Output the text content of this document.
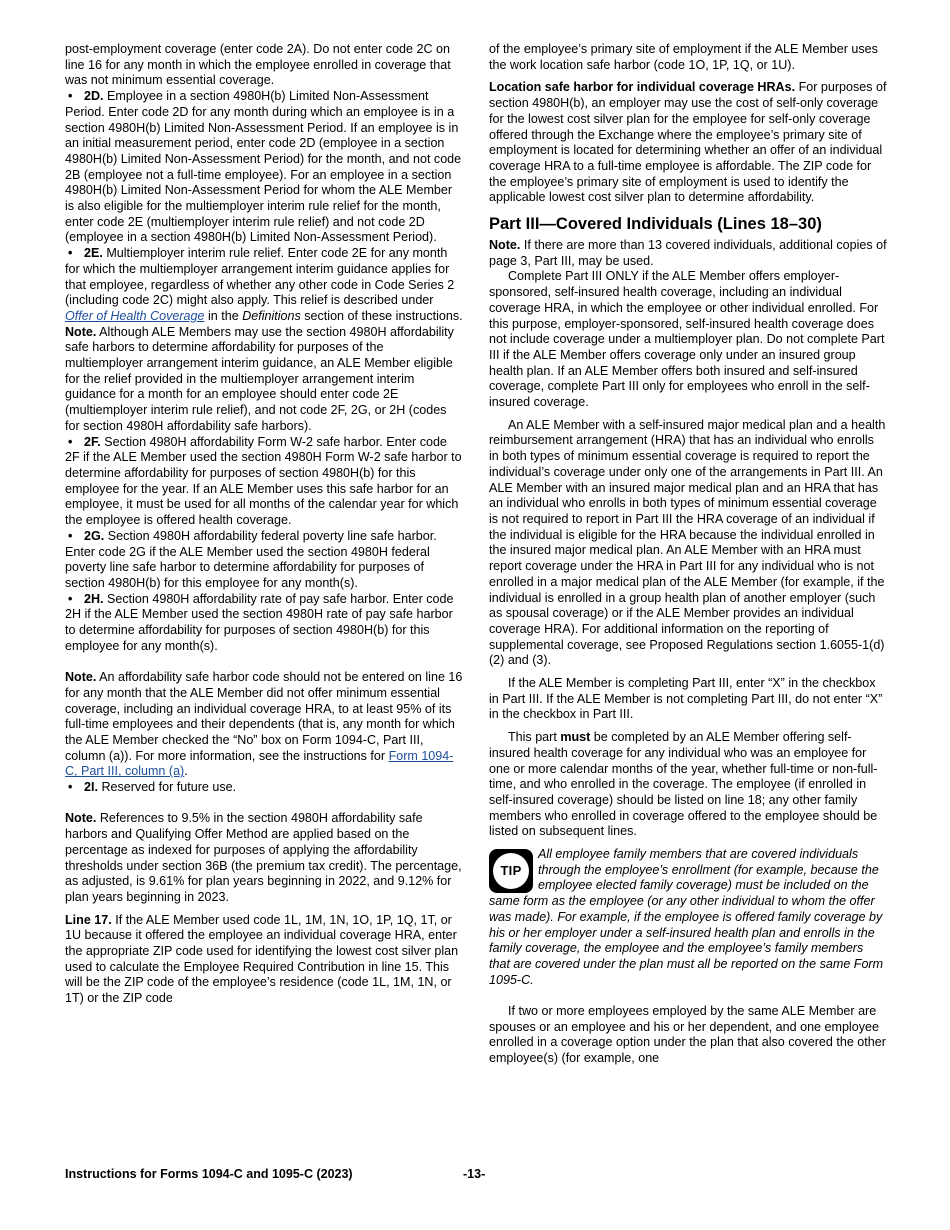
post-employment coverage (enter code 2A). Do not enter code 2C on line 16 for any month in which the employee enrolled in coverage that was not minimum essential coverage.

• 2D. Employee in a section 4980H(b) Limited Non-Assessment Period. Enter code 2D for any month during which an employee is in a section 4980H(b) Limited Non-Assessment Period. If an employee is in an initial measurement period, enter code 2D (employee in a section 4980H(b) Limited Non-Assessment Period) for the month, and not code 2B (employee not a full-time employee). For an employee in a section 4980H(b) Limited Non-Assessment Period for whom the ALE Member is also eligible for the multiemployer interim rule relief for the month, enter code 2E (multiemployer interim rule relief) and not code 2D (employee in a section 4980H(b) Limited Non-Assessment Period).

• 2E. Multiemployer interim rule relief. Enter code 2E for any month for which the multiemployer arrangement interim guidance applies for that employee, regardless of whether any other code in Code Series 2 (including code 2C) might also apply. This relief is described under Offer of Health Coverage in the Definitions section of these instructions.

Note. Although ALE Members may use the section 4980H affordability safe harbors to determine affordability for purposes of the multiemployer arrangement interim guidance, an ALE Member eligible for the relief provided in the multiemployer arrangement interim guidance for a month for an employee should enter code 2E (multiemployer interim rule relief), and not code 2F, 2G, or 2H (codes for section 4980H affordability safe harbors).

• 2F. Section 4980H affordability Form W-2 safe harbor. Enter code 2F if the ALE Member used the section 4980H Form W-2 safe harbor to determine affordability for purposes of section 4980H(b) for this employee for the year. If an ALE Member uses this safe harbor for an employee, it must be used for all months of the calendar year for which the employee is offered health coverage.

• 2G. Section 4980H affordability federal poverty line safe harbor. Enter code 2G if the ALE Member used the section 4980H federal poverty line safe harbor to determine affordability for purposes of section 4980H(b) for this employee for any month(s).

• 2H. Section 4980H affordability rate of pay safe harbor. Enter code 2H if the ALE Member used the section 4980H rate of pay safe harbor to determine affordability for purposes of section 4980H(b) for this employee for any month(s).

Note. An affordability safe harbor code should not be entered on line 16 for any month that the ALE Member did not offer minimum essential coverage, including an individual coverage HRA, to at least 95% of its full-time employees and their dependents (that is, any month for which the ALE Member checked the “No” box on Form 1094-C, Part III, column (a)). For more information, see the instructions for Form 1094-C, Part III, column (a).

• 2I. Reserved for future use.

Note. References to 9.5% in the section 4980H affordability safe harbors and Qualifying Offer Method are applied based on the percentage as indexed for purposes of applying the affordability thresholds under section 36B (the premium tax credit). The percentage, as adjusted, is 9.61% for plan years beginning in 2022, and 9.12% for plan years beginning in 2023.

Line 17. If the ALE Member used code 1L, 1M, 1N, 1O, 1P, 1Q, 1T, or 1U because it offered the employee an individual coverage HRA, enter the appropriate ZIP code used for identifying the lowest cost silver plan used to calculate the Employee Required Contribution in line 15. This will be the ZIP code of the employee’s residence (code 1L, 1M, 1N, or 1T) or the ZIP code

of the employee’s primary site of employment if the ALE Member uses the work location safe harbor (code 1O, 1P, 1Q, or 1U).

Location safe harbor for individual coverage HRAs. For purposes of section 4980H(b), an employer may use the cost of self-only coverage for the lowest cost silver plan for the employee for self-only coverage offered through the Exchange where the employee’s primary site of employment is located for determining whether an offer of an individual coverage HRA to a full-time employee is affordable. The ZIP code for the employee’s primary site of employment is used to identify the applicable lowest cost silver plan to determine affordability.

Part III—Covered Individuals (Lines 18–30)

Note. If there are more than 13 covered individuals, additional copies of page 3, Part III, may be used.

Complete Part III ONLY if the ALE Member offers employer-sponsored, self-insured health coverage, including an individual coverage HRA, in which the employee or other individual enrolled. For this purpose, employer-sponsored, self-insured health coverage does not include coverage under a multiemployer plan. Do not complete Part III if the ALE Member offers coverage only under an insured group health plan. If an ALE Member offers both insured and self-insured coverage, complete Part III only for employees who enroll in the self-insured coverage.

An ALE Member with a self-insured major medical plan and a health reimbursement arrangement (HRA) that has an individual who enrolls in both types of minimum essential coverage is required to report the individual’s coverage under only one of the arrangements in Part III. An ALE Member with an insured major medical plan and an HRA that has an individual who enrolls in both types of minimum essential coverage is not required to report in Part III the HRA coverage of an individual if the individual is eligible for the HRA because the individual enrolled in the insured major medical plan. An ALE Member with an HRA must report coverage under the HRA in Part III for any individual who is not enrolled in a major medical plan of the ALE Member (for example, if the individual is enrolled in a group health plan of another employer (such as spousal coverage) or if the ALE Member provides an individual coverage HRA). For additional information on the reporting of supplemental coverage, see Proposed Regulations section 1.6055-1(d)(2) and (3).

If the ALE Member is completing Part III, enter “X” in the checkbox in Part III. If the ALE Member is not completing Part III, do not enter “X” in the checkbox in Part III.

This part must be completed by an ALE Member offering self-insured health coverage for any individual who was an employee for one or more calendar months of the year, whether full-time or non-full-time, and who enrolled in the coverage. The employee (if enrolled in self-insured coverage) should be listed on line 18; any other family members who enrolled in coverage offered to the employee should be listed on subsequent lines.

TIP

All employee family members that are covered individuals through the employee’s enrollment (for example, because the employee elected family coverage) must be included on the same form as the employee (or any other individual to whom the offer was made). For example, if the employee is offered family coverage by his or her employer under a self-insured health plan and enrolls in the family coverage, the employee and the employee’s family members that are covered under the plan must all be reported on the same Form 1095-C.

If two or more employees employed by the same ALE Member are spouses or an employee and his or her dependent, and one employee enrolled in a coverage option under the plan that also covered the other employee(s) (for example, one

Instructions for Forms 1094-C and 1095-C (2023)	-13-
